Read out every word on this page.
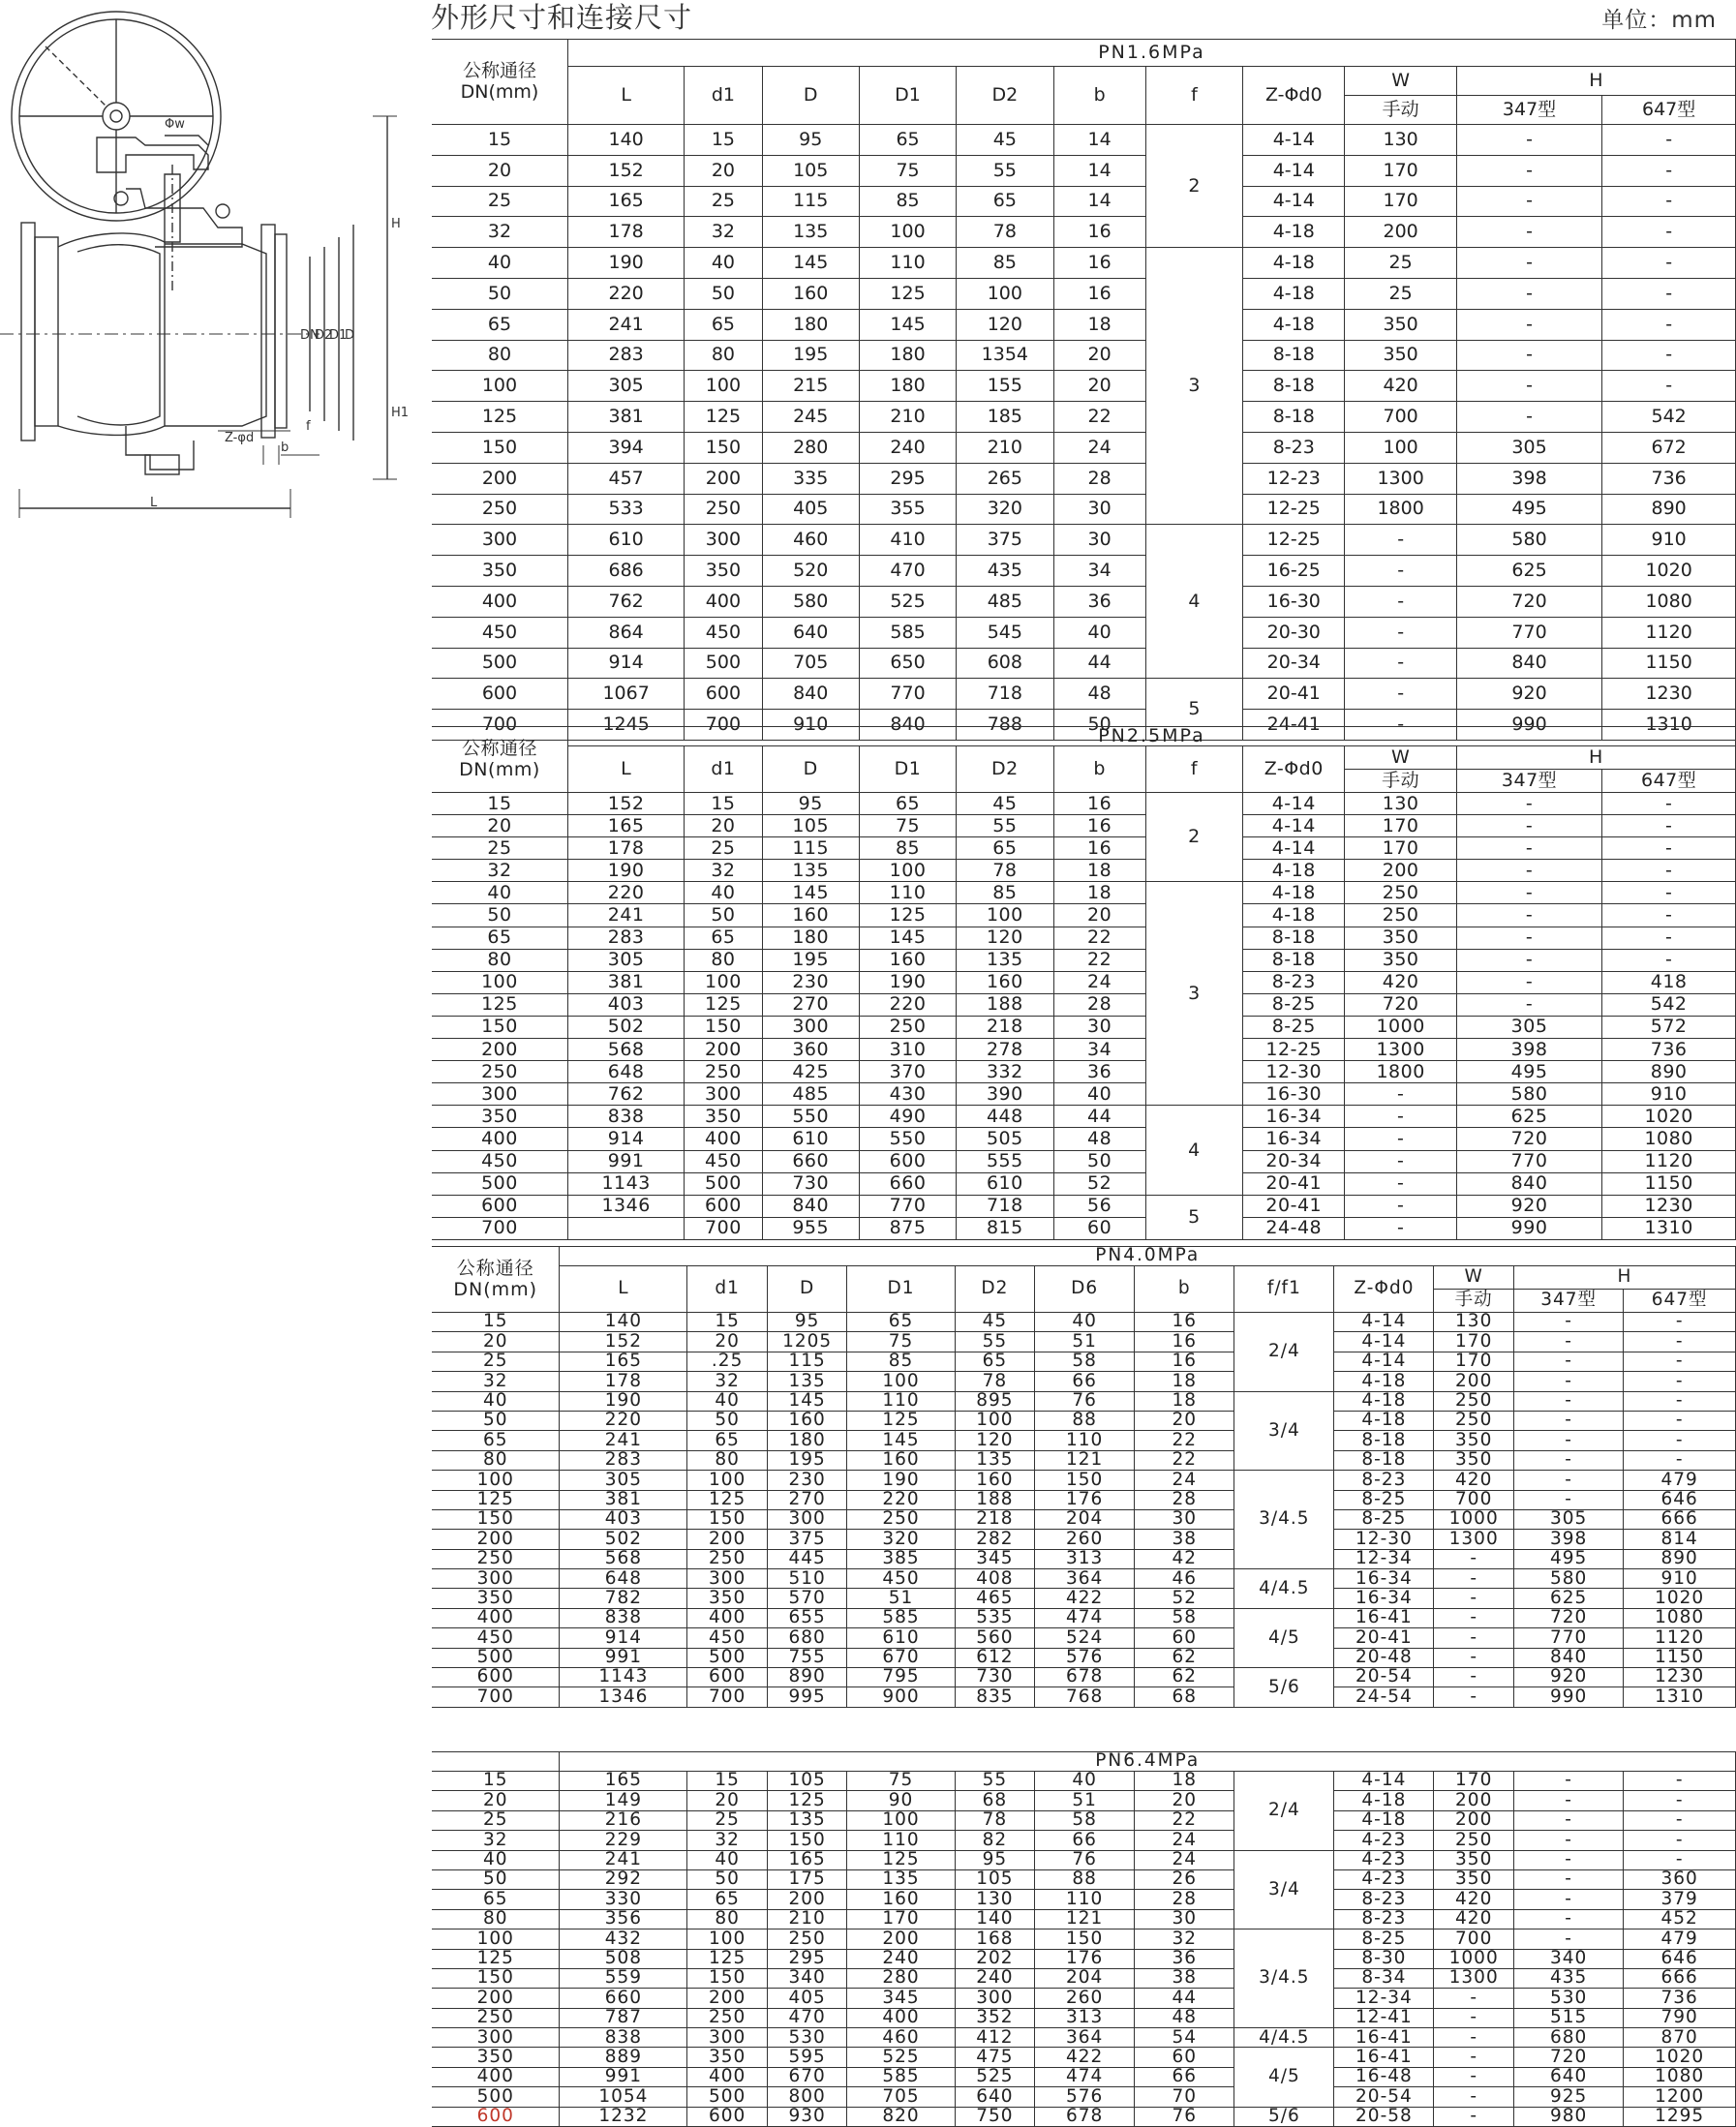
外形尺寸和连接尺寸	单位：mm
H
H1
DN
D2
D1
D
L
b
f
Z-φd
Φw
公称通径
DN(mm)	PN1.6MPa										
	L	d1	D	D1	D2	b	f	Z-Φd0	W	H	
									手动	347型	647型
15	140	15	95	65	45	14	2	4-14	130	-	-
20	152	20	105	75	55	14		4-14	170	-	-
25	165	25	115	85	65	14		4-14	170	-	-
32	178	32	135	100	78	16		4-18	200	-	-
40	190	40	145	110	85	16	3	4-18	25	-	-
50	220	50	160	125	100	16		4-18	25	-	-
65	241	65	180	145	120	18		4-18	350	-	-
80	283	80	195	180	1354	20		8-18	350	-	-
100	305	100	215	180	155	20		8-18	420	-	-
125	381	125	245	210	185	22		8-18	700	-	542
150	394	150	280	240	210	24		8-23	100	305	672
200	457	200	335	295	265	28		12-23	1300	398	736
250	533	250	405	355	320	30		12-25	1800	495	890
300	610	300	460	410	375	30	4	12-25	-	580	910
350	686	350	520	470	435	34		16-25	-	625	1020
400	762	400	580	525	485	36		16-30	-	720	1080
450	864	450	640	585	545	40		20-30	-	770	1120
500	914	500	705	650	608	44		20-34	-	840	1150
600	1067	600	840	770	718	48	5	20-41	-	920	1230
700	1245	700	910	840	788	50		24-41	-	990	1310
公称通径
DN(mm)	PN2.5MPa										
	L	d1	D	D1	D2	b	f	Z-Φd0	W	H	
									手动	347型	647型
15	152	15	95	65	45	16	2	4-14	130	-	-
20	165	20	105	75	55	16		4-14	170	-	-
25	178	25	115	85	65	16		4-14	170	-	-
32	190	32	135	100	78	18		4-18	200	-	-
40	220	40	145	110	85	18	3	4-18	250	-	-
50	241	50	160	125	100	20		4-18	250	-	-
65	283	65	180	145	120	22		8-18	350	-	-
80	305	80	195	160	135	22		8-18	350	-	-
100	381	100	230	190	160	24		8-23	420	-	418
125	403	125	270	220	188	28		8-25	720	-	542
150	502	150	300	250	218	30		8-25	1000	305	572
200	568	200	360	310	278	34		12-25	1300	398	736
250	648	250	425	370	332	36		12-30	1800	495	890
300	762	300	485	430	390	40		16-30	-	580	910
350	838	350	550	490	448	44	4	16-34	-	625	1020
400	914	400	610	550	505	48		16-34	-	720	1080
450	991	450	660	600	555	50		20-34	-	770	1120
500	1143	500	730	660	610	52		20-41	-	840	1150
600	1346	600	840	770	718	56	5	20-41	-	920	1230
700		700	955	875	815	60		24-48	-	990	1310
公称通径
DN(mm)	PN4.0MPa											
	L	d1	D	D1	D2	D6	b	f/f1	Z-Φd0	W	H	
										手动	347型	647型
15	140	15	95	65	45	40	16	2/4	4-14	130	-	-
20	152	20	1205	75	55	51	16		4-14	170	-	-
25	165	.25	115	85	65	58	16		4-14	170	-	-
32	178	32	135	100	78	66	18		4-18	200	-	-
40	190	40	145	110	895	76	18	3/4	4-18	250	-	-
50	220	50	160	125	100	88	20		4-18	250	-	-
65	241	65	180	145	120	110	22		8-18	350	-	-
80	283	80	195	160	135	121	22		8-18	350	-	-
100	305	100	230	190	160	150	24	3/4.5	8-23	420	-	479
125	381	125	270	220	188	176	28		8-25	700	-	646
150	403	150	300	250	218	204	30		8-25	1000	305	666
200	502	200	375	320	282	260	38		12-30	1300	398	814
250	568	250	445	385	345	313	42		12-34	-	495	890
300	648	300	510	450	408	364	46	4/4.5	16-34	-	580	910
350	782	350	570	51	465	422	52		16-34	-	625	1020
400	838	400	655	585	535	474	58	4/5	16-41	-	720	1080
450	914	450	680	610	560	524	60		20-41	-	770	1120
500	991	500	755	670	612	576	62		20-48	-	840	1150
600	1143	600	890	795	730	678	62	5/6	20-54	-	920	1230
700	1346	700	995	900	835	768	68		24-54	-	990	1310
	PN6.4MPa											
15	165	15	105	75	55	40	18	2/4	4-14	170	-	-
20	149	20	125	90	68	51	20		4-18	200	-	-
25	216	25	135	100	78	58	22		4-18	200	-	-
32	229	32	150	110	82	66	24		4-23	250	-	-
40	241	40	165	125	95	76	24	3/4	4-23	350	-	-
50	292	50	175	135	105	88	26		4-23	350	-	360
65	330	65	200	160	130	110	28		8-23	420	-	379
80	356	80	210	170	140	121	30		8-23	420	-	452
100	432	100	250	200	168	150	32	3/4.5	8-25	700	-	479
125	508	125	295	240	202	176	36		8-30	1000	340	646
150	559	150	340	280	240	204	38		8-34	1300	435	666
200	660	200	405	345	300	260	44		12-34	-	530	736
250	787	250	470	400	352	313	48		12-41	-	515	790
300	838	300	530	460	412	364	54	4/4.5	16-41	-	680	870
350	889	350	595	525	475	422	60	4/5	16-41	-	720	1020
400	991	400	670	585	525	474	66		16-48	-	640	1080
500	1054	500	800	705	640	576	70		20-54	-	925	1200
600	1232	600	930	820	750	678	76	5/6	20-58	-	980	1295
